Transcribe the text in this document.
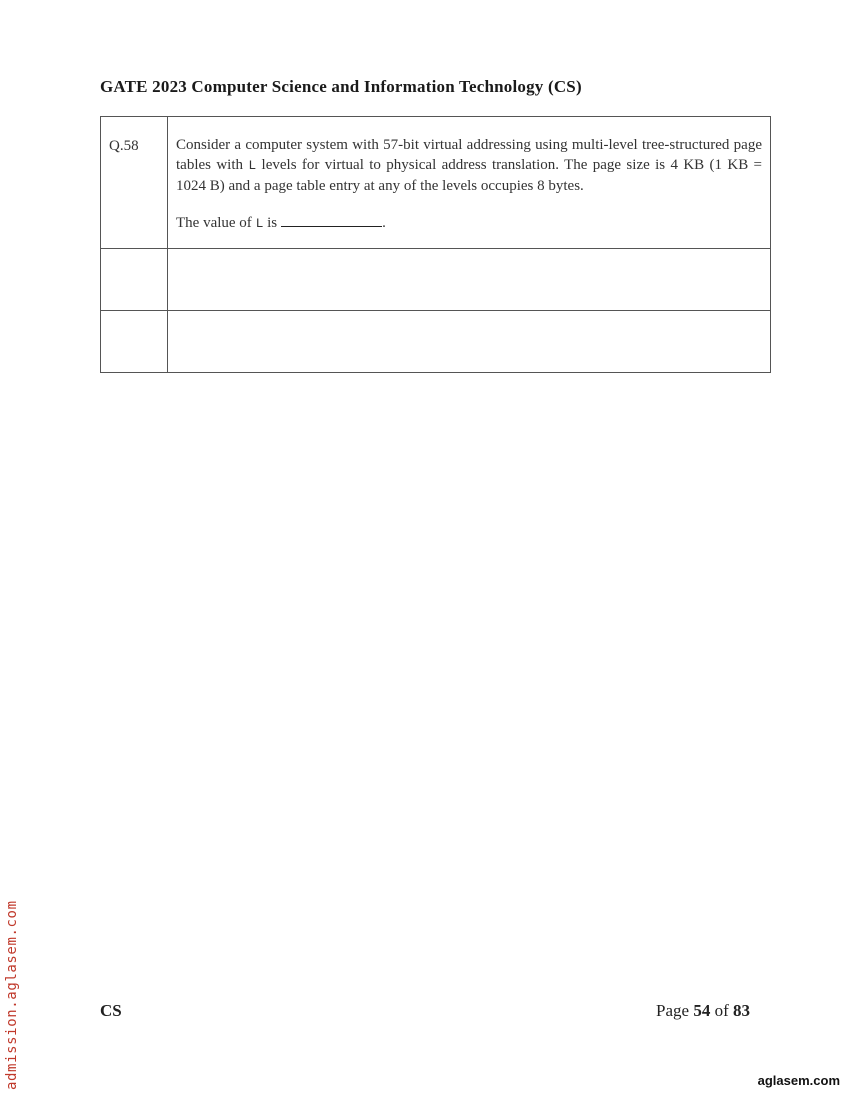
GATE 2023 Computer Science and Information Technology (CS)
Q.58	Consider a computer system with 57-bit virtual addressing using multi-level tree-structured page tables with L levels for virtual to physical address translation. The page size is 4 KB (1 KB = 1024 B) and a page table entry at any of the levels occupies 8 bytes.

The value of L is .

CS	Page 54 of 83
admission.aglasem.com	aglasem.com
